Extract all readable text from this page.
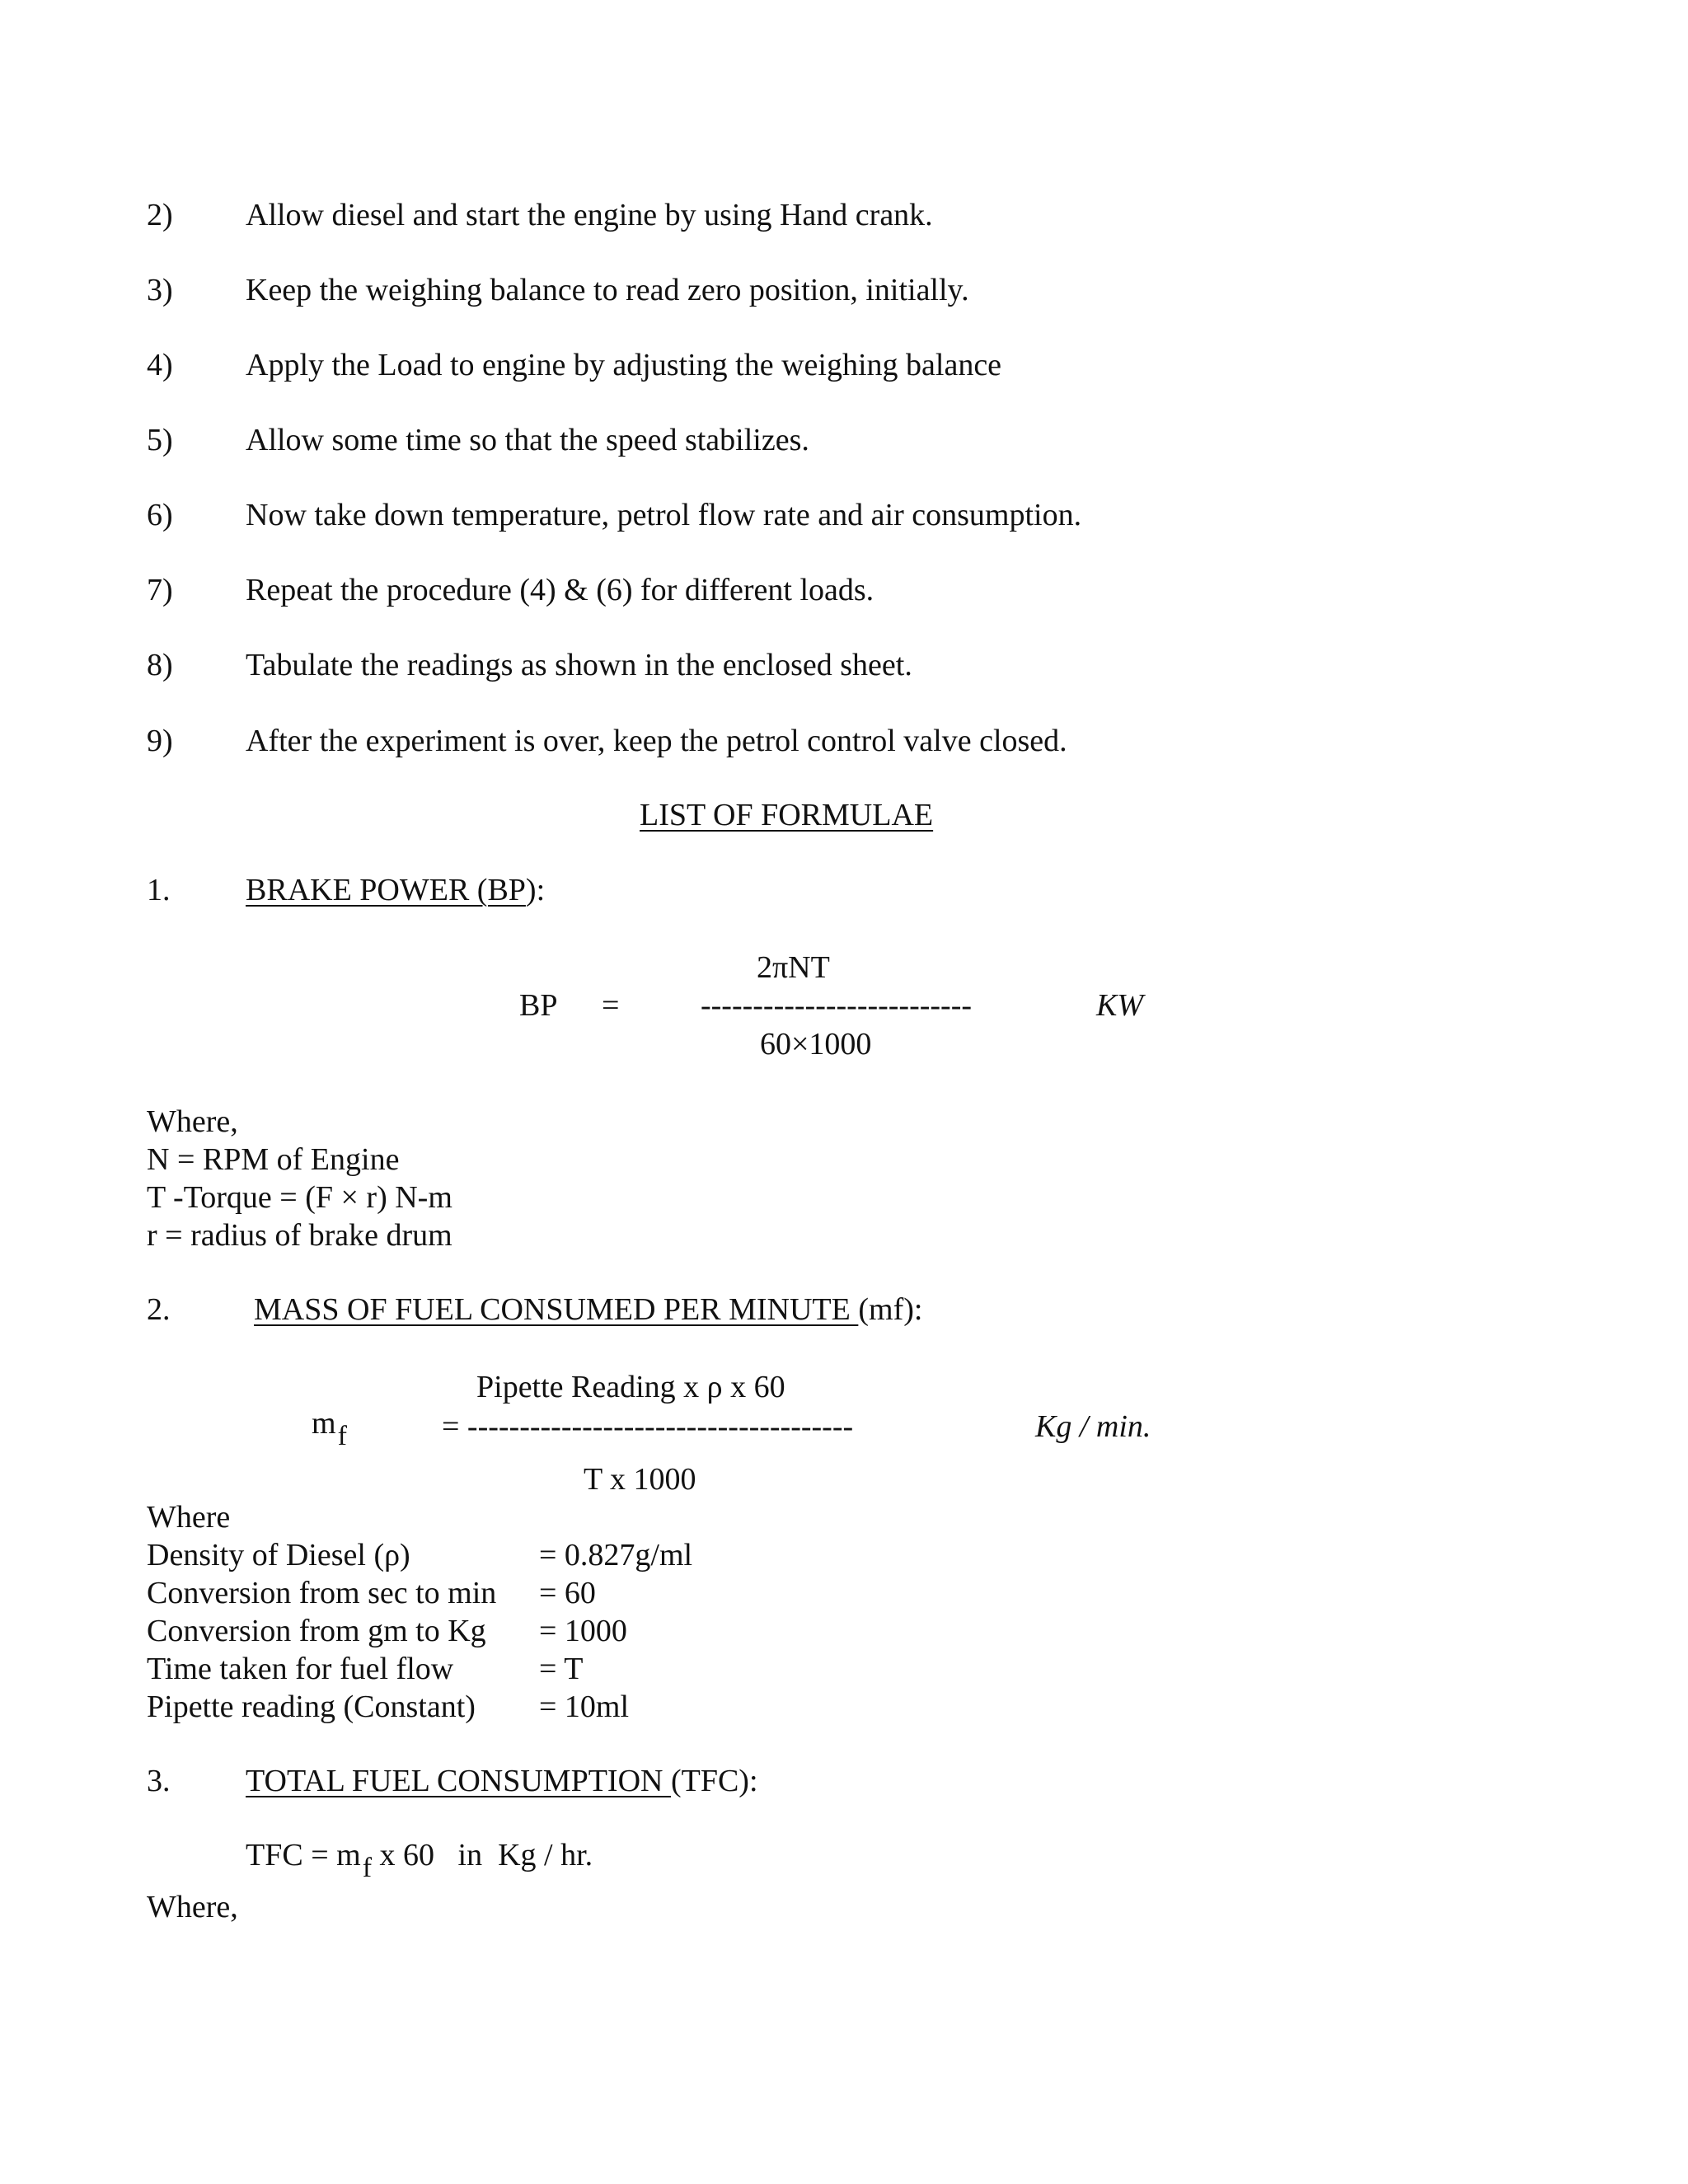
2) Allow diesel and start the engine by using Hand crank.
3) Keep the weighing balance to read zero position, initially.
4) Apply the Load to engine by adjusting the weighing balance
5) Allow some time so that the speed stabilizes.
6) Now take down temperature, petrol flow rate and air consumption.
7) Repeat the procedure (4) & (6) for different loads.
8) Tabulate the readings as shown in the enclosed sheet.
9) After the experiment is over, keep the petrol control valve closed.
LIST OF FORMULAE
1. BRAKE POWER (BP):
2πNT
BP =	--------------------------	KW
60×1000
Where,
N = RPM of Engine
T -Torque = (F × r) N-m
r = radius of brake drum
2.	MASS OF FUEL CONSUMED PER MINUTE (mf):
Pipette Reading x ρ x 60
mf	= -------------------------------------	Kg / min.
T x 1000
Where
Density of Diesel (ρ)	= 0.827g/ml
Conversion from sec to min = 60
Conversion from gm to Kg = 1000
Time taken for fuel flow	= T
Pipette reading (Constant) = 10ml
3. TOTAL FUEL CONSUMPTION (TFC):
TFC = mf x 60   in  Kg / hr.
Where,
